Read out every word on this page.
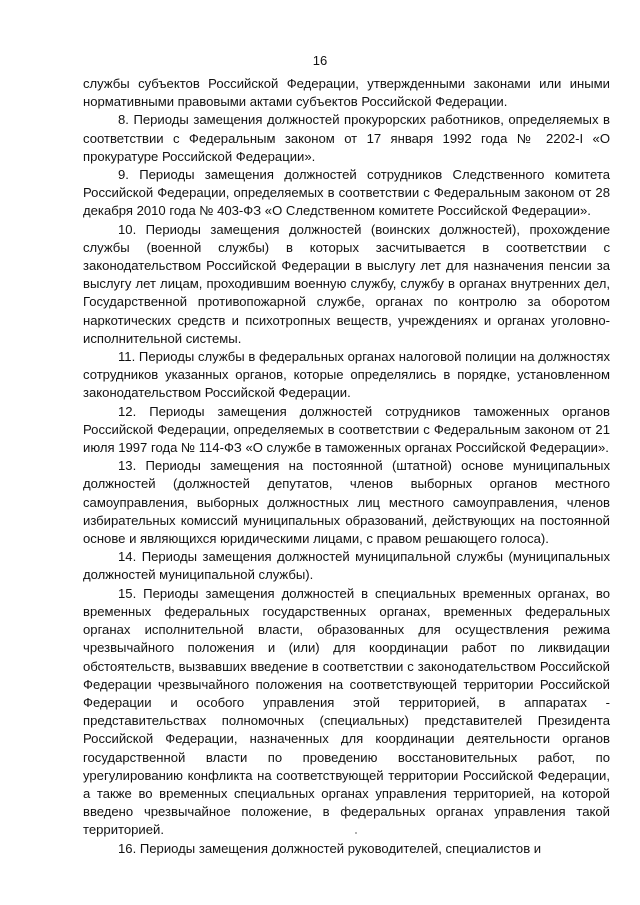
16

службы субъектов Российской Федерации, утвержденными законами или иными нормативными правовыми актами субъектов Российской Федерации.

8. Периоды замещения должностей прокурорских работников, определяемых в соответствии с Федеральным законом от 17 января 1992 года № 2202-I «О прокуратуре Российской Федерации».

9. Периоды замещения должностей сотрудников Следственного комитета Российской Федерации, определяемых в соответствии с Федеральным законом от 28 декабря 2010 года № 403-ФЗ «О Следственном комитете Российской Федерации».

10. Периоды замещения должностей (воинских должностей), прохождение службы (военной службы) в которых засчитывается в соответствии с законодательством Российской Федерации в выслугу лет для назначения пенсии за выслугу лет лицам, проходившим военную службу, службу в органах внутренних дел, Государственной противопожарной службе, органах по контролю за оборотом наркотических средств и психотропных веществ, учреждениях и органах уголовно-исполнительной системы.

11. Периоды службы в федеральных органах налоговой полиции на должностях сотрудников указанных органов, которые определялись в порядке, установленном законодательством Российской Федерации.

12. Периоды замещения должностей сотрудников таможенных органов Российской Федерации, определяемых в соответствии с Федеральным законом от 21 июля 1997 года № 114-ФЗ «О службе в таможенных органах Российской Федерации».

13. Периоды замещения на постоянной (штатной) основе муниципальных должностей (должностей депутатов, членов выборных органов местного самоуправления, выборных должностных лиц местного самоуправления, членов избирательных комиссий муниципальных образований, действующих на постоянной основе и являющихся юридическими лицами, с правом решающего голоса).

14. Периоды замещения должностей муниципальной службы (муниципальных должностей муниципальной службы).

15. Периоды замещения должностей в специальных временных органах, во временных федеральных государственных органах, временных федеральных органах исполнительной власти, образованных для осуществления режима чрезвычайного положения и (или) для координации работ по ликвидации обстоятельств, вызвавших введение в соответствии с законодательством Российской Федерации чрезвычайного положения на соответствующей территории Российской Федерации и особого управления этой территорией, в аппаратах - представительствах полномочных (специальных) представителей Президента Российской Федерации, назначенных для координации деятельности органов государственной власти по проведению восстановительных работ, по урегулированию конфликта на соответствующей территории Российской Федерации, а также во временных специальных органах управления территорией, на которой введено чрезвычайное положение, в федеральных органах управления такой территорией.

16. Периоды замещения должностей руководителей, специалистов и
